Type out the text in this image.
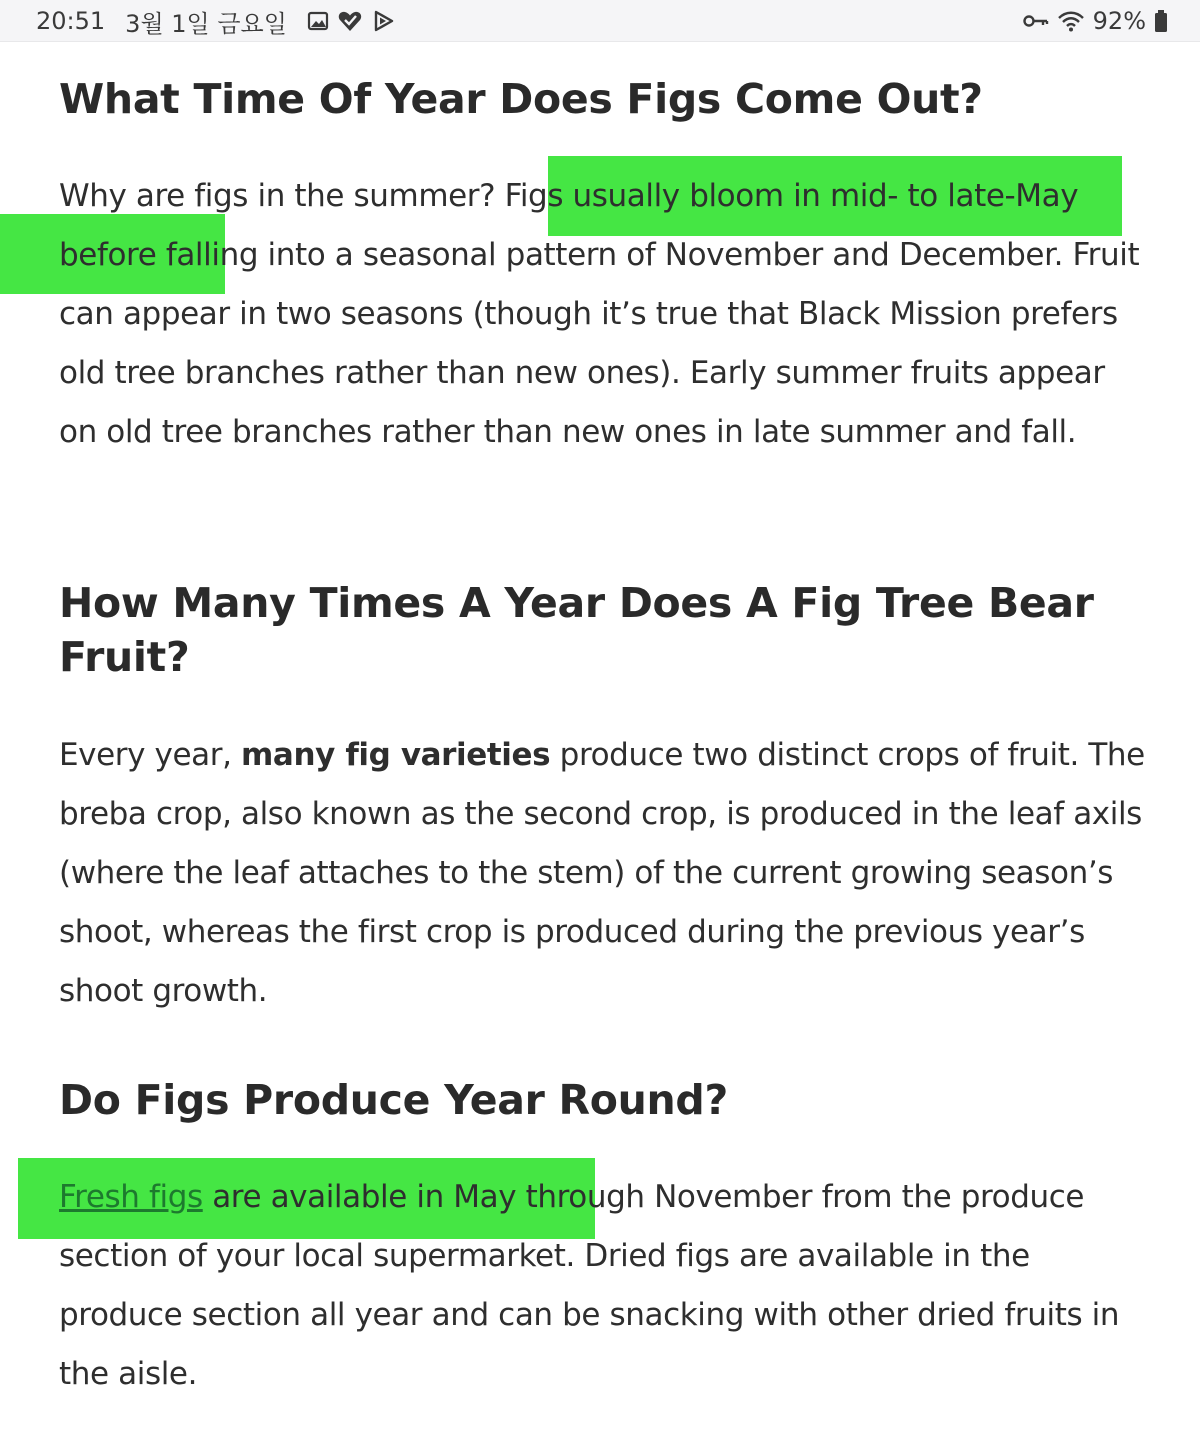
20:51 3월 1일 금요일	92%
What Time Of Year Does Figs Come Out?

Why are figs in the summer? Figs usually bloom in mid- to late-May before falling into a seasonal pattern of November and December. Fruit can appear in two seasons (though it’s true that Black Mission prefers old tree branches rather than new ones). Early summer fruits appear on old tree branches rather than new ones in late summer and fall.

How Many Times A Year Does A Fig Tree Bear Fruit?

Every year, many fig varieties produce two distinct crops of fruit. The breba crop, also known as the second crop, is produced in the leaf axils (where the leaf attaches to the stem) of the current growing season’s shoot, whereas the first crop is produced during the previous year’s shoot growth.

Do Figs Produce Year Round?

Fresh figs are available in May through November from the produce section of your local supermarket. Dried figs are available in the produce section all year and can be snacking with other dried fruits in the aisle.
